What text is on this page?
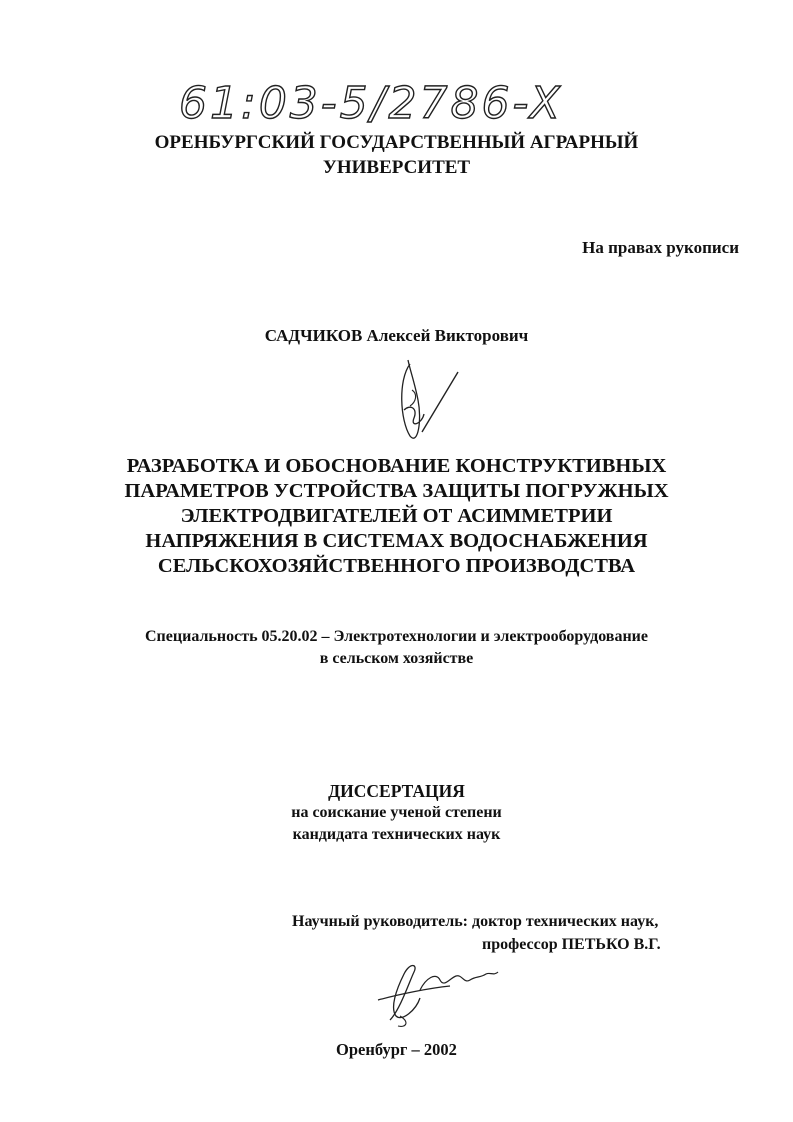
61:03-5/2786-X
ОРЕНБУРГСКИЙ ГОСУДАРСТВЕННЫЙ АГРАРНЫЙ
УНИВЕРСИТЕТ
На правах рукописи
САДЧИКОВ Алексей Викторович
РАЗРАБОТКА И ОБОСНОВАНИЕ КОНСТРУКТИВНЫХ
ПАРАМЕТРОВ УСТРОЙСТВА ЗАЩИТЫ ПОГРУЖНЫХ
ЭЛЕКТРОДВИГАТЕЛЕЙ ОТ АСИММЕТРИИ
НАПРЯЖЕНИЯ В СИСТЕМАХ ВОДОСНАБЖЕНИЯ
СЕЛЬСКОХОЗЯЙСТВЕННОГО ПРОИЗВОДСТВА
Специальность 05.20.02 – Электротехнологии и электрооборудование
в сельском хозяйстве
ДИССЕРТАЦИЯ
на соискание ученой степени
кандидата технических наук
Научный руководитель: доктор технических наук,
профессор ПЕТЬКО В.Г.
Оренбург – 2002
